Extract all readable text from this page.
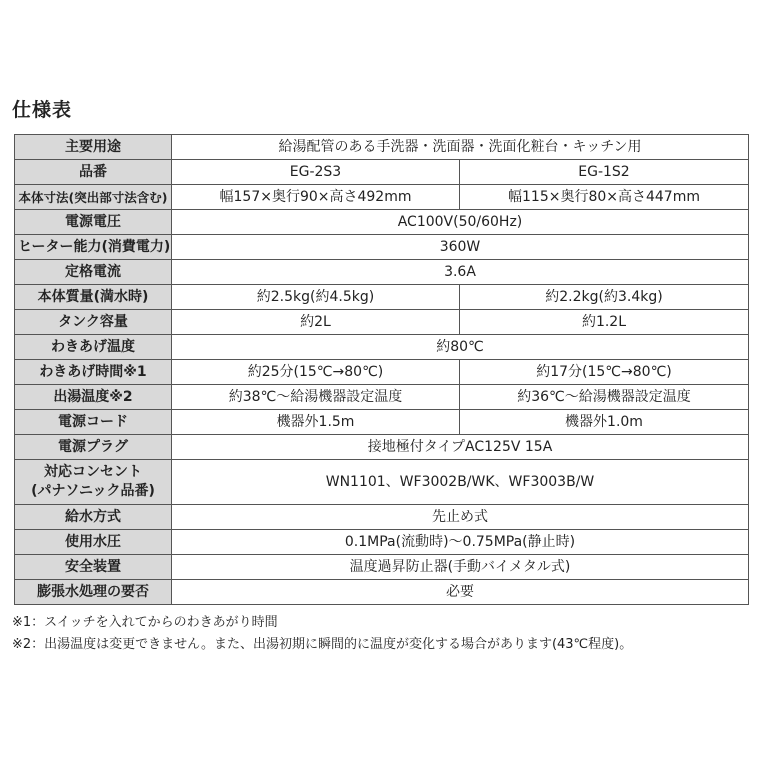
仕様表
主要用途	給湯配管のある手洗器・洗面器・洗面化粧台・キッチン用	
品番	EG-2S3	EG-1S2
本体寸法(突出部寸法含む)	幅157×奥行90×高さ492mm	幅115×奥行80×高さ447mm
電源電圧	AC100V(50/60Hz)	
ヒーター能力(消費電力)	360W	
定格電流	3.6A	
本体質量(満水時)	約2.5kg(約4.5kg)	約2.2kg(約3.4kg)
タンク容量	約2L	約1.2L
わきあげ温度	約80℃	
わきあげ時間※1	約25分(15℃→80℃)	約17分(15℃→80℃)
出湯温度※2	約38℃～給湯機器設定温度	約36℃～給湯機器設定温度
電源コード	機器外1.5m	機器外1.0m
電源プラグ	接地極付タイプAC125V 15A	

対応コンセント
(パナソニック品番)	WN1101、WF3002B/WK、WF3003B/W	
給水方式	先止め式	
使用水圧	0.1MPa(流動時)～0.75MPa(静止時)	
安全装置	温度過昇防止器(手動バイメタル式)	
膨張水処理の要否	必要	
※1：スイッチを入れてからのわきあがり時間
※2：出湯温度は変更できません。また、出湯初期に瞬間的に温度が変化する場合があります(43℃程度)。
